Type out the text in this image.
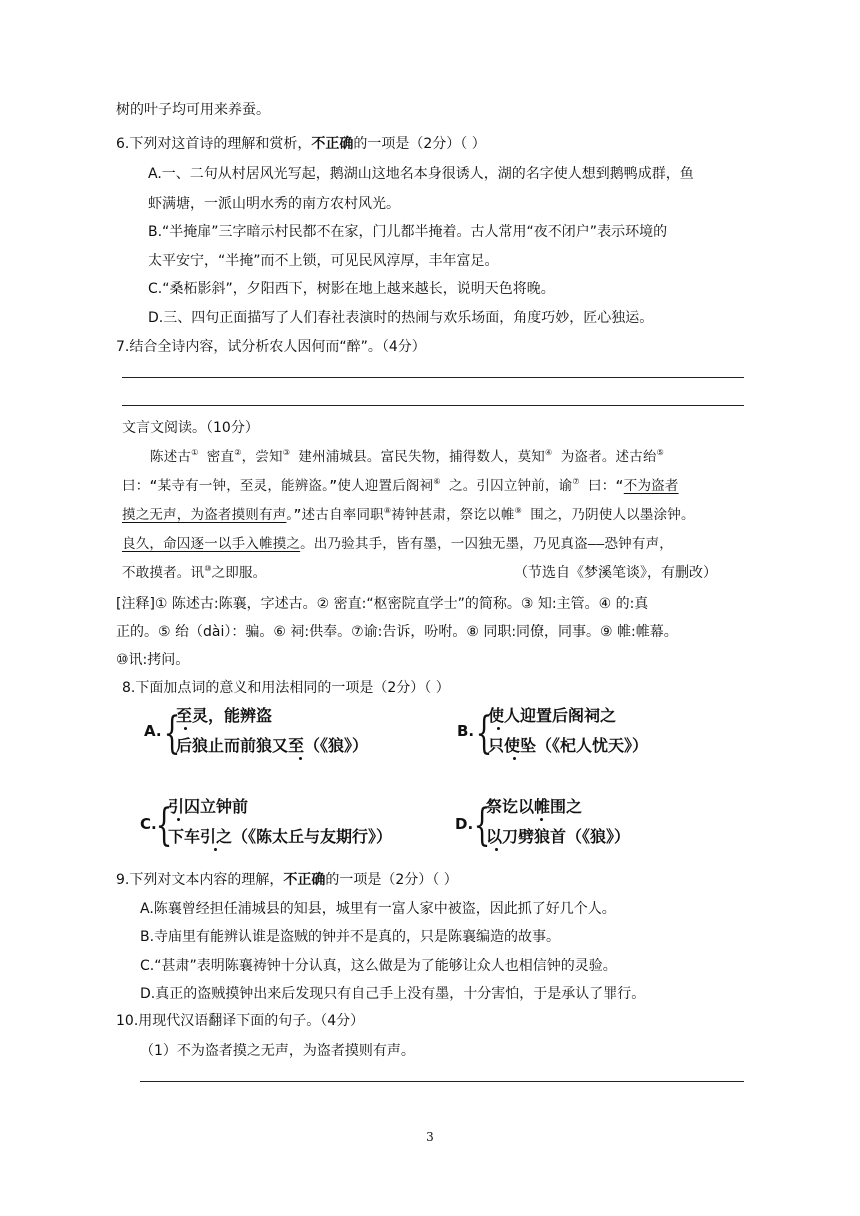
树的叶子均可用来养蚕。
6.下列对这首诗的理解和赏析，不正确的一项是（2分）（ ）
A.一、二句从村居风光写起，鹅湖山这地名本身很诱人，湖的名字使人想到鹅鸭成群，鱼
虾满塘，一派山明水秀的南方农村风光。
B.“半掩扉”三字暗示村民都不在家，门儿都半掩着。古人常用“夜不闭户”表示环境的
太平安宁，“半掩”而不上锁，可见民风淳厚，丰年富足。
C.“桑柘影斜”，夕阳西下，树影在地上越来越长，说明天色将晚。
D.三、四句正面描写了人们春社表演时的热闹与欢乐场面，角度巧妙，匠心独运。
7.结合全诗内容，试分析农人因何而“醉”。（4分）
文言文阅读。（10分）
陈述古① 密直②，尝知③ 建州浦城县。富民失物，捕得数人，莫知④ 为盗者。述古绐⑤
曰：“某寺有一钟，至灵，能辨盗。”使人迎置后阁祠⑥ 之。引囚立钟前，谕⑦ 曰：“不为盗者
摸之无声，为盗者摸则有声。”述古自率同职⑧祷钟甚肃，祭讫以帷⑨ 围之，乃阴使人以墨涂钟。
良久，命囚逐一以手入帷摸之。出乃验其手，皆有墨，一囚独无墨，乃见真盗——恐钟有声，
不敢摸者。讯⑩之即服。	（节选自《梦溪笔谈》，有删改）
[注释]① 陈述古:陈襄，字述古。② 密直:“枢密院直学士”的简称。③ 知:主管。④ 的:真
正的。⑤ 绐（dài）：骗。⑥ 祠:供奉。⑦谕:告诉，吩咐。⑧ 同职:同僚，同事。⑨ 帷:帷幕。
⑩讯:拷问。
8.下面加点词的意义和用法相同的一项是（2分）（ ）
A. {
至灵，能辨盗
后狼止而前狼又至（《狼》）
B. {
使人迎置后阁祠之
只使坠（《杞人忧天》）
C.
{
引囚立钟前
下车引之（《陈太丘与友期行》）
D. {
祭讫以帷围之
以刀劈狼首（《狼》）
9.下列对文本内容的理解，不正确的一项是（2分）（ ）
A.陈襄曾经担任浦城县的知县，城里有一富人家中被盗，因此抓了好几个人。
B.寺庙里有能辨认谁是盗贼的钟并不是真的，只是陈襄编造的故事。
C.“甚肃”表明陈襄祷钟十分认真，这么做是为了能够让众人也相信钟的灵验。
D.真正的盗贼摸钟出来后发现只有自己手上没有墨，十分害怕，于是承认了罪行。
10.用现代汉语翻译下面的句子。（4分）
（1）不为盗者摸之无声，为盗者摸则有声。
3
